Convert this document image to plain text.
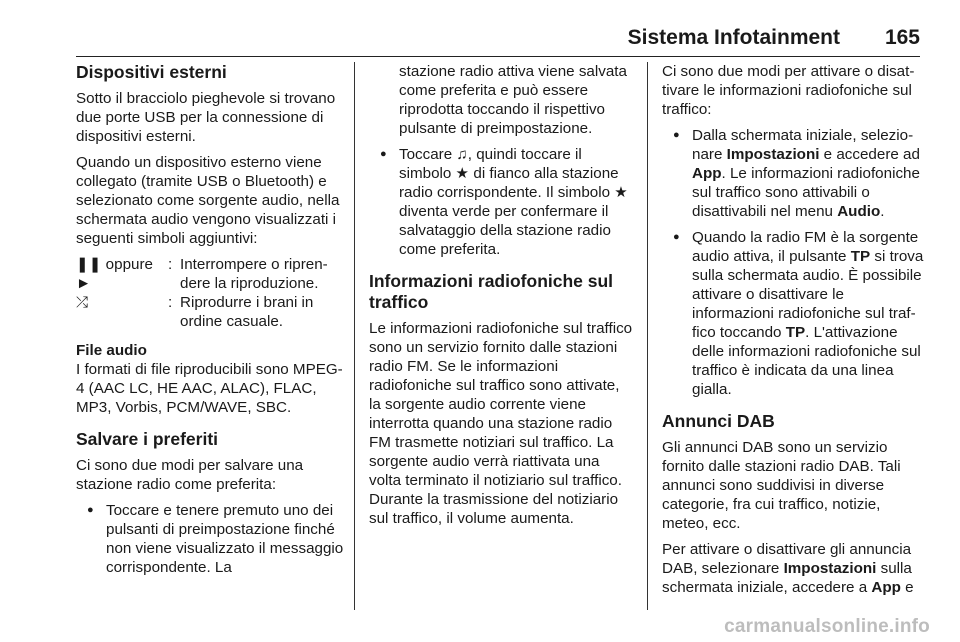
Sistema Infotainment 165
Dispositivi esterni

Sotto il bracciolo pieghevole si trovano due porte USB per la connessione di dispositivi esterni.

Quando un dispositivo esterno viene collegato (tramite USB o Bluetooth) e selezionato come sorgente audio, nella schermata audio vengono visualizzati i seguenti simboli aggiuntivi:

❚❚ oppure ►
: Interrompere o riprendere la riproduzione.
⤮	: Riprodurre i brani in ordine casuale.
File audio

I formati di file riproducibili sono MPEG-4 (AAC LC, HE AAC, ALAC), FLAC, MP3, Vorbis, PCM/WAVE, SBC.

Salvare i preferiti

Ci sono due modi per salvare una stazione radio come preferita:

● Toccare e tenere premuto uno dei pulsanti di preimpostazione finché non viene visualizzato il messaggio corrispondente. La

stazione radio attiva viene salvata come preferita e può essere riprodotta toccando il rispettivo pulsante di preimpostazione.

● Toccare ♫, quindi toccare il simbolo ★ di fianco alla stazione radio corrispondente. Il simbolo ★ diventa verde per confermare il salvataggio della stazione radio come preferita.
Informazioni radiofoniche sul traffico

Le informazioni radiofoniche sul traffico sono un servizio fornito dalle stazioni radio FM. Se le informazioni radiofoniche sul traffico sono attivate, la sorgente audio corrente viene interrotta quando una stazione radio FM trasmette notiziari sul traffico. La sorgente audio verrà riattivata una volta terminato il notiziario sul traffico. Durante la trasmissione del notiziario sul traffico, il volume aumenta.

Ci sono due modi per attivare o disattivare le informazioni radiofoniche sul traffico:

● Dalla schermata iniziale, selezionare Impostazioni e accedere ad App. Le informazioni radiofoniche sul traffico sono attivabili o disattivabili nel menu Audio.
● Quando la radio FM è la sorgente audio attiva, il pulsante TP si trova sulla schermata audio. È possibile attivare o disattivare le informazioni radiofoniche sul traffico toccando TP. L'attivazione delle informazioni radiofoniche sul traffico è indicata da una linea gialla.
Annunci DAB

Gli annunci DAB sono un servizio fornito dalle stazioni radio DAB. Tali annunci sono suddivisi in diverse categorie, fra cui traffico, notizie, meteo, ecc.

Per attivare o disattivare gli annuncia DAB, selezionare Impostazioni sulla schermata iniziale, accedere a App e

carmanualsonline.info
